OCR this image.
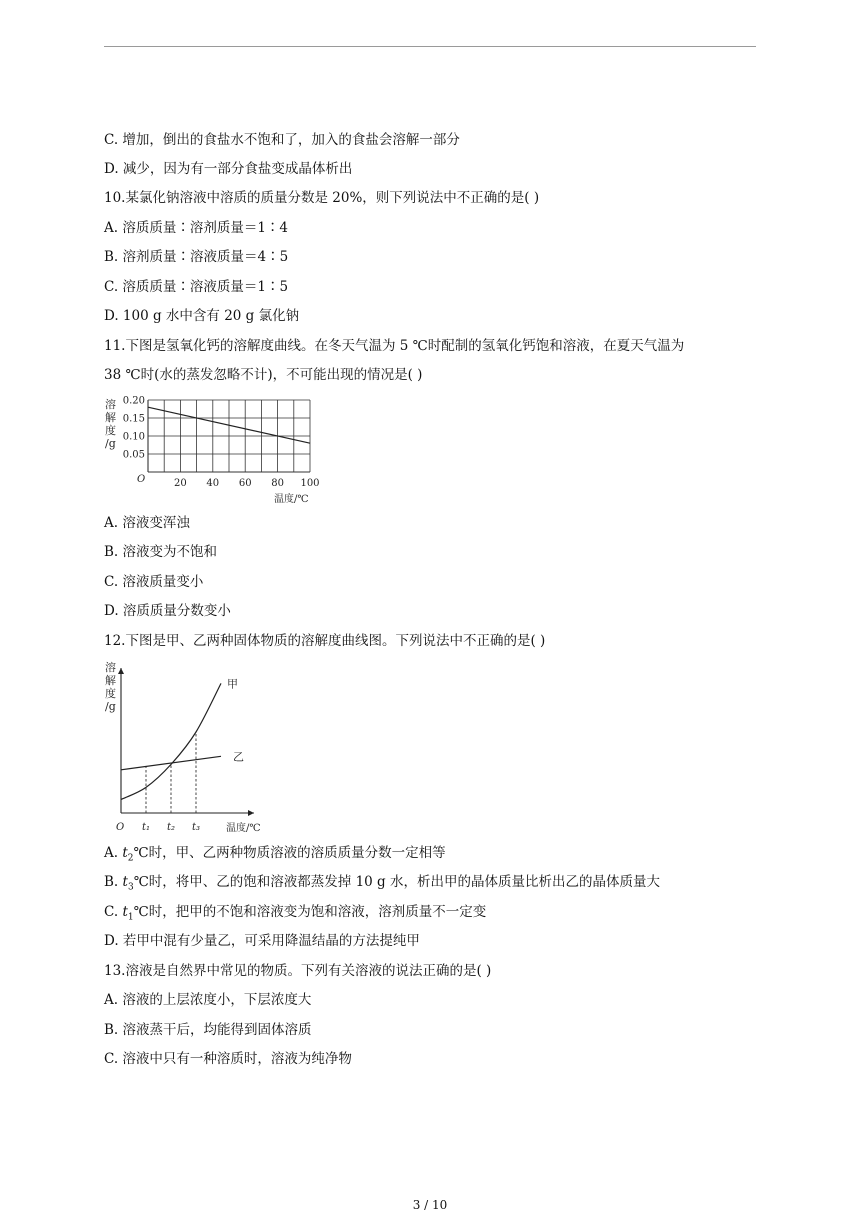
C. 增加，倒出的食盐水不饱和了，加入的食盐会溶解一部分
D. 减少，因为有一部分食盐变成晶体析出
10.某氯化钠溶液中溶质的质量分数是 20%，则下列说法中不正确的是( )
A. 溶质质量∶溶剂质量＝1∶4
B. 溶剂质量∶溶液质量＝4∶5
C. 溶质质量∶溶液质量＝1∶5
D. 100 g 水中含有 20 g 氯化钠
11.下图是氢氧化钙的溶解度曲线。在冬天气温为 5 ℃时配制的氢氧化钙饱和溶液，在夏天气温为
38 ℃时(水的蒸发忽略不计)，不可能出现的情况是( )
溶解度/g
O
温度/℃
0.05
0.10
0.15
0.20
20 40 60 80 100
A. 溶液变浑浊
B. 溶液变为不饱和
C. 溶液质量变小
D. 溶质质量分数变小
12.下图是甲、乙两种固体物质的溶解度曲线图。下列说法中不正确的是( )
溶解度/g
O	温度/℃
甲
乙
t₁ t₂ t₃
A. $t_2℃$时，甲、乙两种物质溶液的溶质质量分数一定相等
B. $t_3℃$时，将甲、乙的饱和溶液都蒸发掉 10 g 水，析出甲的晶体质量比析出乙的晶体质量大
C. $t_1℃$时，把甲的不饱和溶液变为饱和溶液，溶剂质量不一定变
D. 若甲中混有少量乙，可采用降温结晶的方法提纯甲
13.溶液是自然界中常见的物质。下列有关溶液的说法正确的是( )
A. 溶液的上层浓度小，下层浓度大
B. 溶液蒸干后，均能得到固体溶质
C. 溶液中只有一种溶质时，溶液为纯净物
3 / 10
